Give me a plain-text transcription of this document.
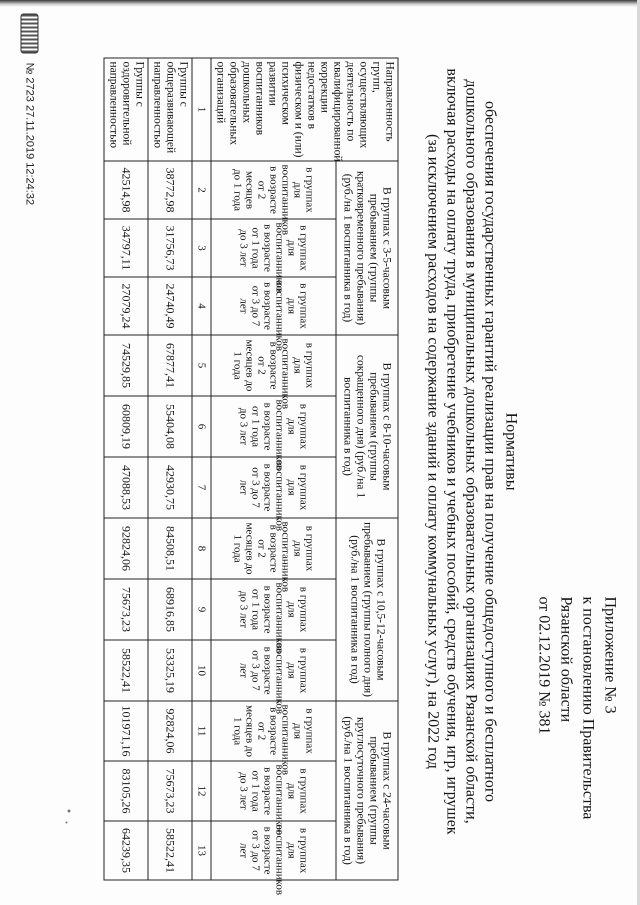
Приложение № 3
к постановлению Правительства
Рязанской области
от 02.12.2019 № 381
Нормативы
обеспечения государственных гарантий реализации прав на получение общедоступного и бесплатного
дошкольного образования в муниципальных дошкольных образовательных организациях Рязанской области,
включая расходы на оплату труда, приобретение учебников и учебных пособий, средств обучения, игр, игрушек
(за исключением расходов на содержание зданий и оплату коммунальных услуг), на 2022 год
Направленность групп, осуществляющих деятельность по квалифицированной коррекции недостатков в физическом и (или) психическом развитии воспитанников дошкольных образовательных организаций	В группах с 3-5-часовым пребыванием (группы кратковременного пребывания) (руб./на 1 воспитанника в год)			В группах с 8-10-часовым пребыванием (группы сокращенного дня) (руб./на 1 воспитанника в год)			В группах с 10,5-12-часовым пребыванием (группы полного дня) (руб./на 1 воспитанника в год)			В группах с 24-часовым пребыванием (группы круглосуточного пребывания) (руб./на 1 воспитанника в год)		
	в группах для воспитанников в возрасте от 2 месяцев до 1 года	в группах для воспитанников в возрасте от 1 года до 3 лет	в группах для воспитанников в возрасте от 3 до 7 лет	в группах для воспитанников в возрасте от 2 месяцев до 1 года	в группах для воспитанников в возрасте от 1 года до 3 лет	в группах для воспитанников в возрасте от 3 до 7 лет	в группах для воспитанников в возрасте от 2 месяцев до 1 года	в группах для воспитанников в возрасте от 1 года до 3 лет	в группах для воспитанников в возрасте от 3 до 7 лет	в группах для воспитанников в возрасте от 2 месяцев до 1 года	в группах для воспитанников в возрасте от 1 года до 3 лет	в группах для воспитанников в возрасте от 3 до 7 лет
1	2	3	4	5	6	7	8	9	10	11	12	13
Группы с общеразвивающей направленностью	38772,98	31756,73	24740,49	67877,41	55404,08	42930,75	84508,51	68916,85	53325,19	92824,06	75673,23	58522,41
Группы с оздоровительной направленностью	42514,98	34797,11	27079,24	74529,85	60809,19	47088,53	92824,06	75673,23	58522,41	101971,16	83105,26	64239,35
№ 2723 27.11.2019 12:24:32
